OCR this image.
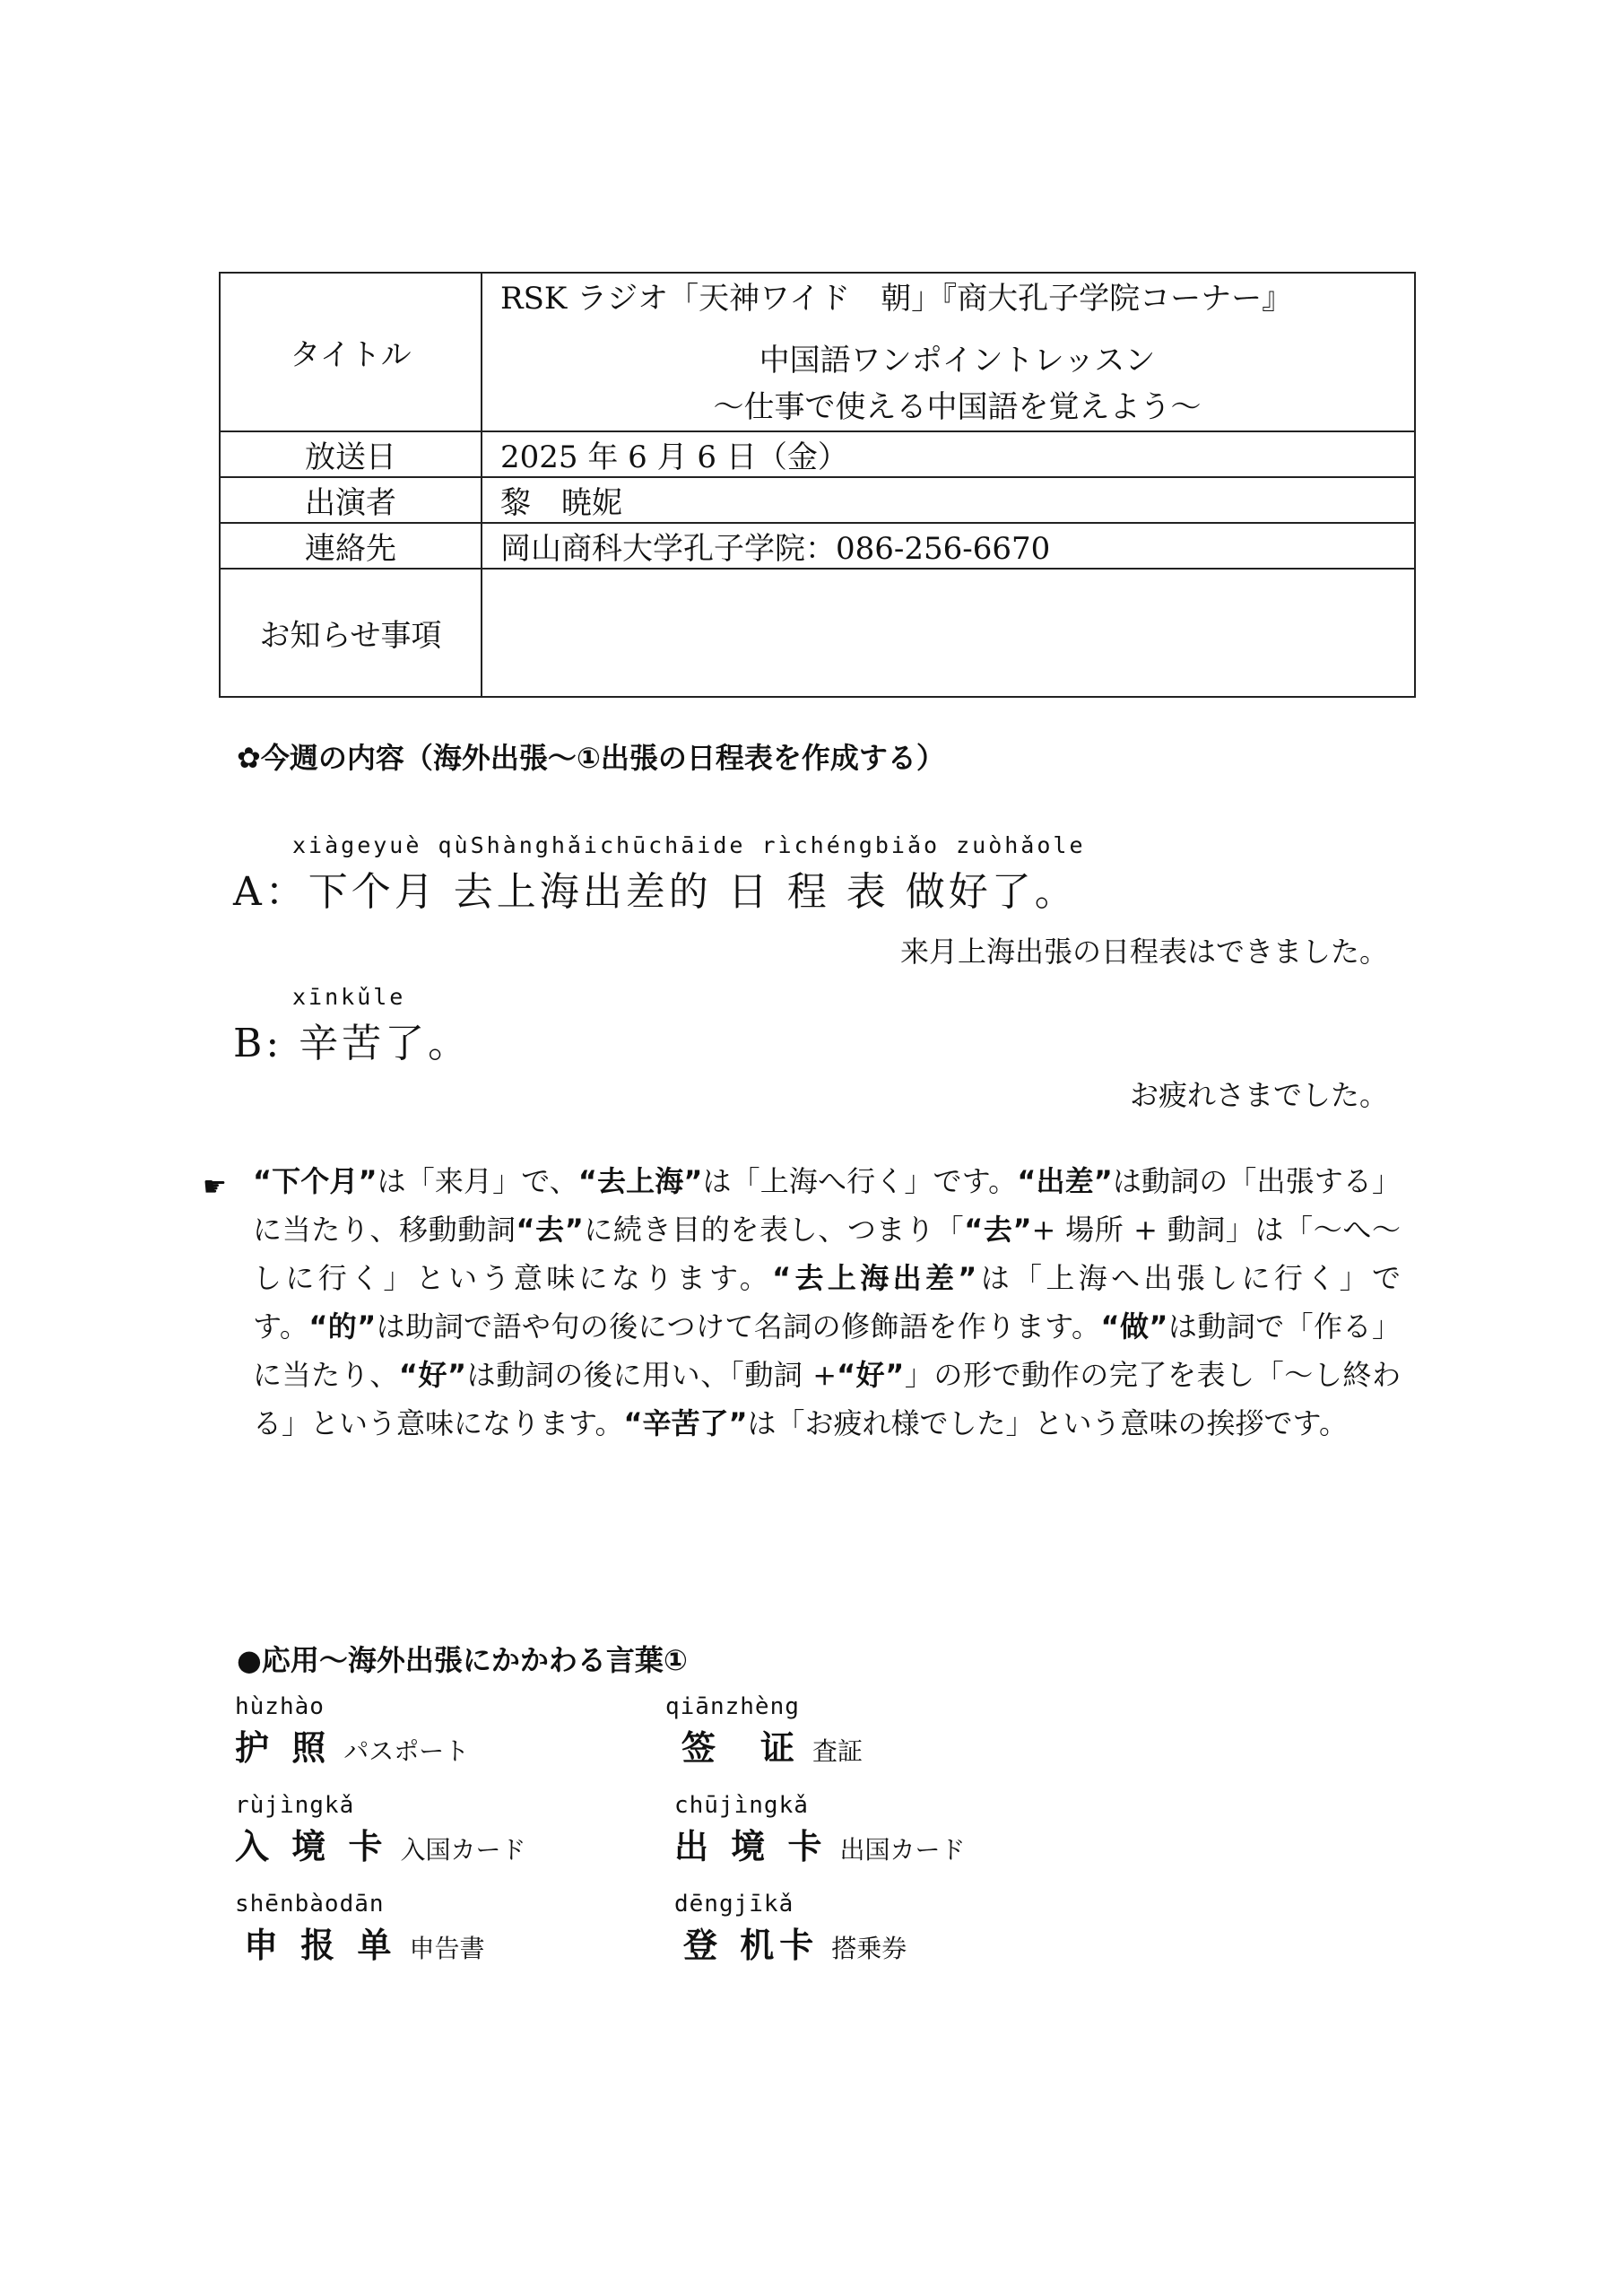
タイトル	RSK ラジオ「天神ワイド　朝」『商大孔子学院コーナー』
中国語ワンポイントレッスン
～仕事で使える中国語を覚えよう～

放送日	2025 年 6 月 6 日（金）
出演者	黎　暁妮
連絡先	岡山商科大学孔子学院：086-256-6670
お知らせ事項	
✿今週の内容（海外出張～①出張の日程表を作成する）
xiàgeyuè qùShànghǎichūchāide rìchéngbiǎo zuòhǎole
A：下个月 去上海出差的 日 程 表 做好了。
来月上海出張の日程表はできました。
xīnkǔle
B: 辛苦了。
お疲れさまでした。
☛ “下个月”は「来月」で、“去上海”は「上海へ行く」です。“出差”は動詞の「出張する」に当たり、移動動詞“去”に続き目的を表し、つまり「“去”+ 場所 + 動詞」は「～へ～しに行く」という意味になります。“去上海出差”は「上海へ出張しに行く」です。“的”は助詞で語や句の後につけて名詞の修飾語を作ります。“做”は動詞で「作る」に当たり、“好”は動詞の後に用い、「動詞 +“好”」の形で動作の完了を表し「～し終わる」という意味になります。“辛苦了”は「お疲れ様でした」という意味の挨拶です。
●応用～海外出張にかかわる言葉①
hùzhào
护 照 パスポート
qiānzhèng
签　证 査証
rùjìngkǎ
入 境 卡 入国カード
chūjìngkǎ
出 境 卡 出国カード
shēnbàodān
申 报 单 申告書
dēngjīkǎ
登 机卡 搭乗券
